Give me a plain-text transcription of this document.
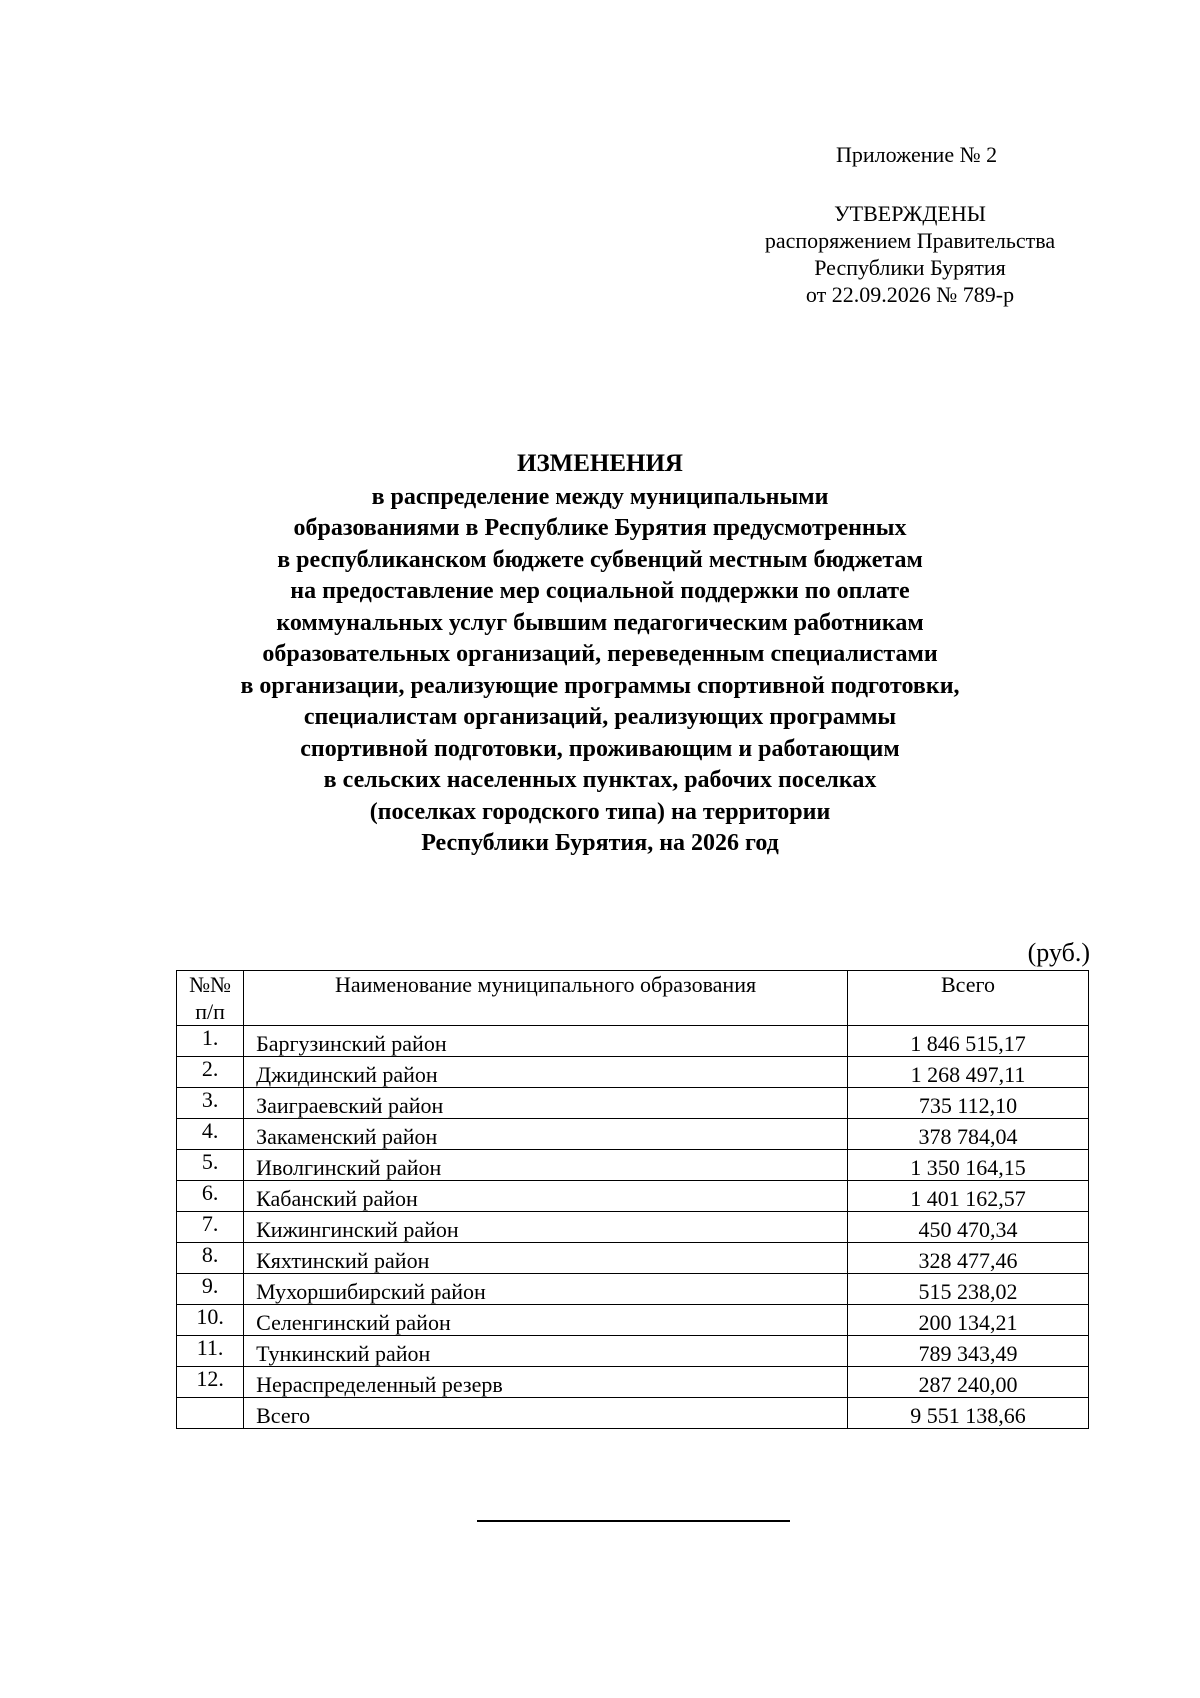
Приложение № 2
УТВЕРЖДЕНЫ
распоряжением Правительства
Республики Бурятия
от 22.09.2026 № 789-р
ИЗМЕНЕНИЯ
в распределение между муниципальными
образованиями в Республике Бурятия предусмотренных
в республиканском бюджете субвенций местным бюджетам
на предоставление мер социальной поддержки по оплате
коммунальных услуг бывшим педагогическим работникам
образовательных организаций, переведенным специалистами
в организации, реализующие программы спортивной подготовки,
специалистам организаций, реализующих программы
спортивной подготовки, проживающим и работающим
в сельских населенных пунктах, рабочих поселках
(поселках городского типа) на территории
Республики Бурятия, на 2026 год
(руб.)
№№
п/п	Наименование муниципального образования	Всего
1.	Баргузинский район	1 846 515,17
2.	Джидинский район	1 268 497,11
3.	Заиграевский район	735 112,10
4.	Закаменский район	378 784,04
5.	Иволгинский район	1 350 164,15
6.	Кабанский район	1 401 162,57
7.	Кижингинский район	450 470,34
8.	Кяхтинский район	328 477,46
9.	Мухоршибирский район	515 238,02
10.	Селенгинский район	200 134,21
11.	Тункинский район	789 343,49
12.	Нераспределенный резерв	287 240,00
	Всего	9 551 138,66
